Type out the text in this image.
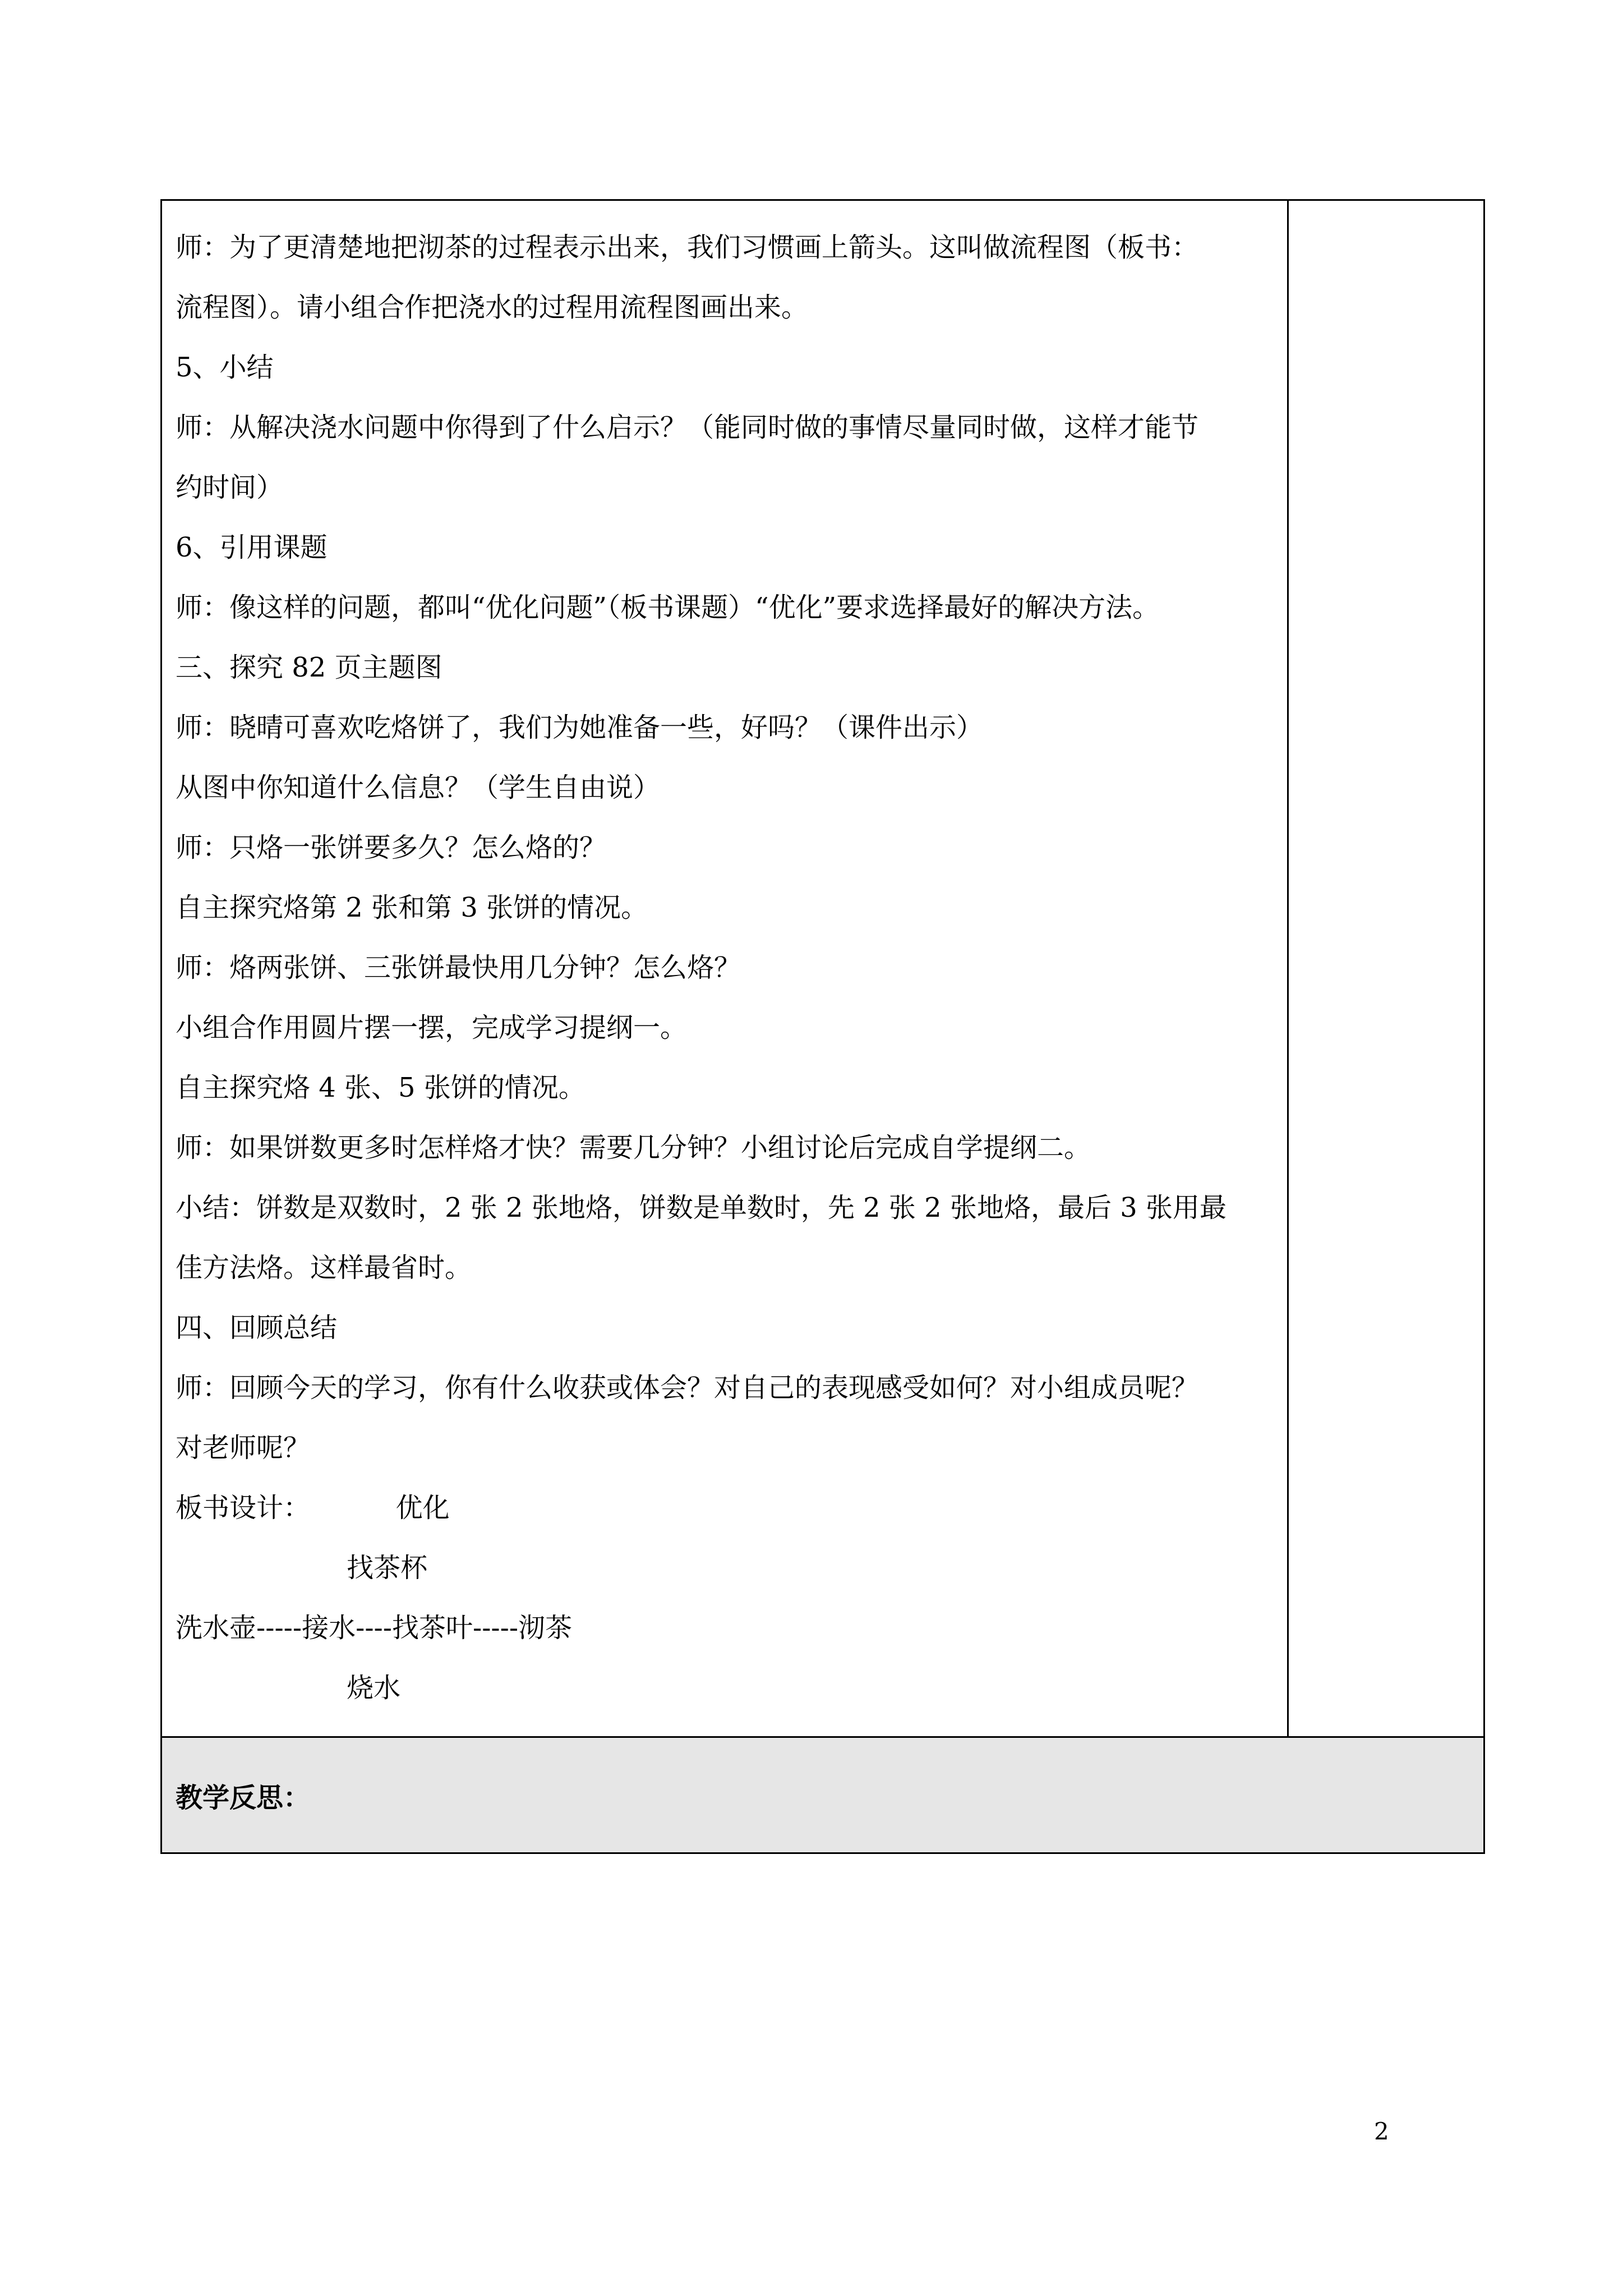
师：为了更清楚地把沏茶的过程表示出来，我们习惯画上箭头。这叫做流程图（板书：
流程图）。请小组合作把浇水的过程用流程图画出来。
5、小结
师：从解决浇水问题中你得到了什么启示？（能同时做的事情尽量同时做，这样才能节
约时间）
6、引用课题
师：像这样的问题，都叫“优化问题”（板书课题）“优化”要求选择最好的解决方法。
三、探究 82 页主题图
师：晓晴可喜欢吃烙饼了，我们为她准备一些，好吗？（课件出示）
从图中你知道什么信息？（学生自由说）
师：只烙一张饼要多久？怎么烙的？
自主探究烙第 2 张和第 3 张饼的情况。
师：烙两张饼、三张饼最快用几分钟？怎么烙？
小组合作用圆片摆一摆，完成学习提纲一。
自主探究烙 4 张、5 张饼的情况。
师：如果饼数更多时怎样烙才快？需要几分钟？小组讨论后完成自学提纲二。
小结：饼数是双数时，2 张 2 张地烙，饼数是单数时，先 2 张 2 张地烙，最后 3 张用最
佳方法烙。这样最省时。
四、回顾总结
师：回顾今天的学习，你有什么收获或体会？对自己的表现感受如何？对小组成员呢？
对老师呢？
板书设计：          优化
找茶杯
洗水壶-----接水----找茶叶-----沏茶
烧水

教学反思：
2
